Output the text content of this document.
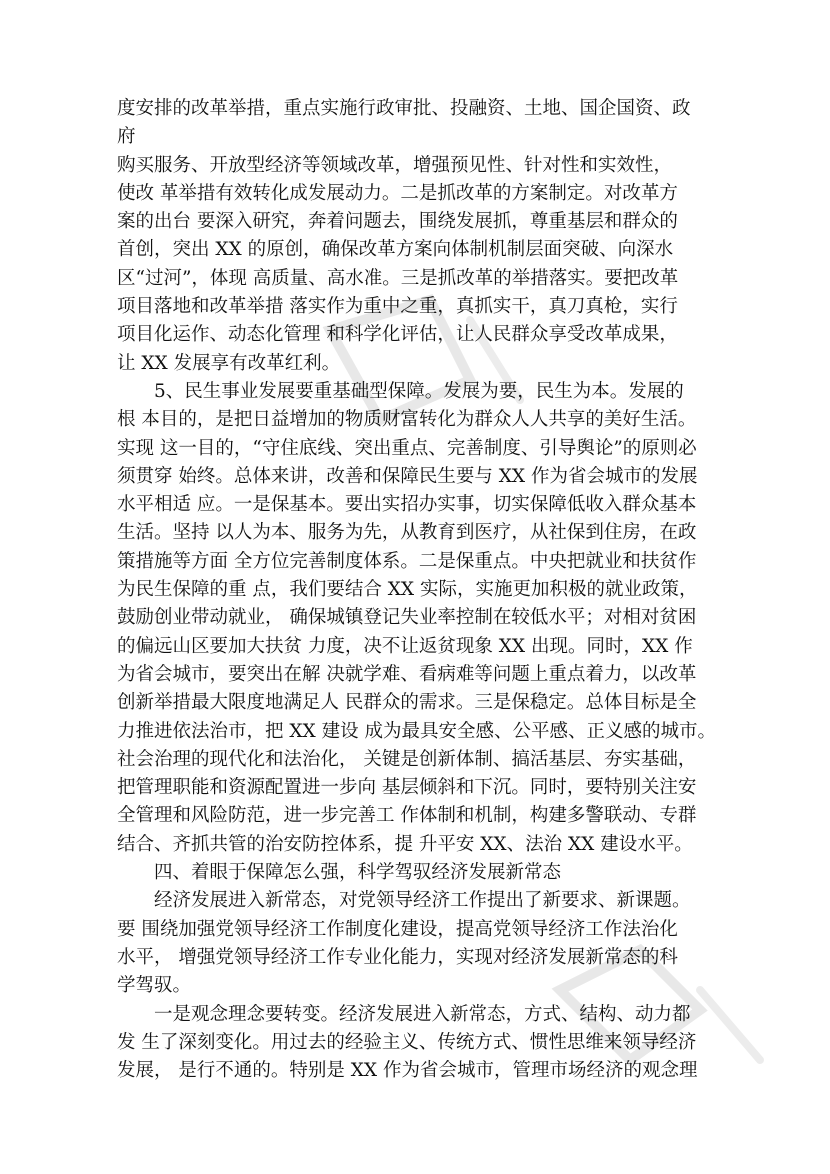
度安排的改革举措，重点实施行政审批、投融资、土地、国企国资、政
府
购买服务、开放型经济等领域改革，增强预见性、针对性和实效性，
使改 革举措有效转化成发展动力。二是抓改革的方案制定。对改革方
案的出台 要深入研究，奔着问题去，围绕发展抓，尊重基层和群众的
首创，突出 XX 的原创，确保改革方案向体制机制层面突破、向深水
区“过河”，体现 高质量、高水准。三是抓改革的举措落实。要把改革
项目落地和改革举措 落实作为重中之重，真抓实干，真刀真枪，实行
项目化运作、动态化管理 和科学化评估，让人民群众享受改革成果，
让 XX 发展享有改革红利。
5、民生事业发展要重基础型保障。发展为要，民生为本。发展的
根 本目的，是把日益增加的物质财富转化为群众人人共享的美好生活。
实现 这一目的，“守住底线、突出重点、完善制度、引导舆论”的原则必
须贯穿 始终。总体来讲，改善和保障民生要与 XX 作为省会城市的发展
水平相适 应。一是保基本。要出实招办实事，切实保障低收入群众基本
生活。坚持 以人为本、服务为先，从教育到医疗，从社保到住房，在政
策措施等方面 全方位完善制度体系。二是保重点。中央把就业和扶贫作
为民生保障的重 点，我们要结合 XX 实际，实施更加积极的就业政策，
鼓励创业带动就业， 确保城镇登记失业率控制在较低水平；对相对贫困
的偏远山区要加大扶贫 力度，决不让返贫现象 XX 出现。同时，XX 作
为省会城市，要突出在解 决就学难、看病难等问题上重点着力，以改革
创新举措最大限度地满足人 民群众的需求。三是保稳定。总体目标是全
力推进依法治市，把 XX 建设 成为最具安全感、公平感、正义感的城市。
社会治理的现代化和法治化， 关键是创新体制、搞活基层、夯实基础，
把管理职能和资源配置进一步向 基层倾斜和下沉。同时，要特别关注安
全管理和风险防范，进一步完善工 作体制和机制，构建多警联动、专群
结合、齐抓共管的治安防控体系，提 升平安 XX、法治 XX 建设水平。
四、着眼于保障怎么强，科学驾驭经济发展新常态
经济发展进入新常态，对党领导经济工作提出了新要求、新课题。
要 围绕加强党领导经济工作制度化建设，提高党领导经济工作法治化
水平， 增强党领导经济工作专业化能力，实现对经济发展新常态的科
学驾驭。
一是观念理念要转变。经济发展进入新常态，方式、结构、动力都
发 生了深刻变化。用过去的经验主义、传统方式、惯性思维来领导经济
发展， 是行不通的。特别是 XX 作为省会城市，管理市场经济的观念理
